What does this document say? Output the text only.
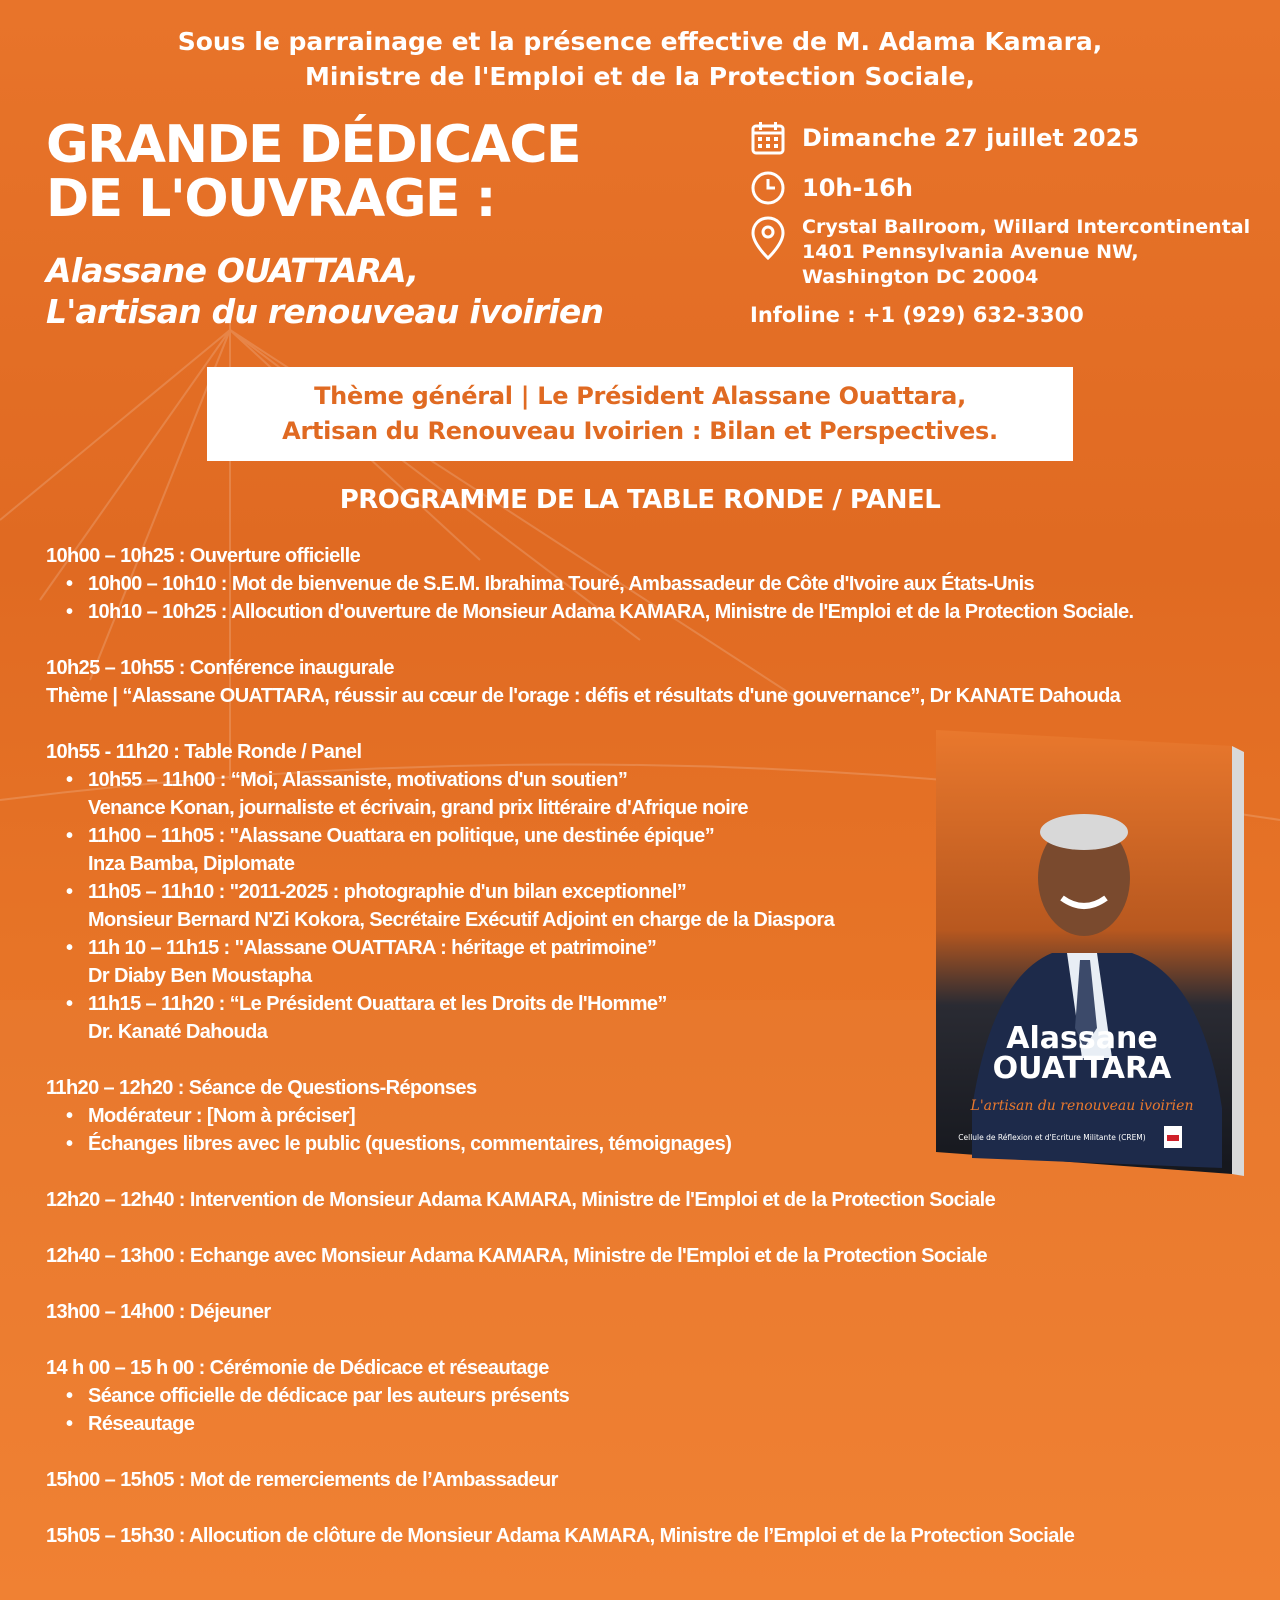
Sous le parrainage et la présence effective de M. Adama Kamara,
Ministre de l'Emploi et de la Protection Sociale,
GRANDE DÉDICACE
DE L'OUVRAGE :
Alassane OUATTARA,
L'artisan du renouveau ivoirien
Dimanche 27 juillet 2025
10h-16h
Crystal Ballroom, Willard Intercontinental
1401 Pennsylvania Avenue NW,
Washington DC 20004
Infoline : +1 (929) 632-3300
Thème général | Le Président Alassane Ouattara,
Artisan du Renouveau Ivoirien : Bilan et Perspectives.
PROGRAMME DE LA TABLE RONDE / PANEL
10h00 – 10h25 : Ouverture officielle
• 10h00 – 10h10 : Mot de bienvenue de S.E.M. Ibrahima Touré, Ambassadeur de Côte d'Ivoire aux États-Unis
• 10h10 – 10h25 : Allocution d'ouverture de Monsieur Adama KAMARA, Ministre de l'Emploi et de la Protection Sociale.
10h25 – 10h55 : Conférence inaugurale
Thème | “Alassane OUATTARA, réussir au cœur de l'orage : défis et résultats d'une gouvernance”, Dr KANATE Dahouda
10h55 - 11h20 : Table Ronde / Panel
• 10h55 – 11h00 : “Moi, Alassaniste, motivations d'un soutien”
Venance Konan, journaliste et écrivain, grand prix littéraire d'Afrique noire
• 11h00 – 11h05 : "Alassane Ouattara en politique, une destinée épique”
Inza Bamba, Diplomate
• 11h05 – 11h10 : "2011-2025 : photographie d'un bilan exceptionnel”
Monsieur Bernard N'Zi Kokora, Secrétaire Exécutif Adjoint en charge de la Diaspora
• 11h 10 – 11h15 : "Alassane OUATTARA : héritage et patrimoine”
Dr Diaby Ben Moustapha
• 11h15 – 11h20 : “Le Président Ouattara et les Droits de l'Homme”
Dr. Kanaté Dahouda
11h20 – 12h20 : Séance de Questions-Réponses
• Modérateur : [Nom à préciser]
• Échanges libres avec le public (questions, commentaires, témoignages)
12h20 – 12h40 : Intervention de Monsieur Adama KAMARA, Ministre de l'Emploi et de la Protection Sociale
12h40 – 13h00 : Echange avec Monsieur Adama KAMARA, Ministre de l'Emploi et de la Protection Sociale
13h00 – 14h00 : Déjeuner
14 h 00 – 15 h 00 : Cérémonie de Dédicace et réseautage
• Séance officielle de dédicace par les auteurs présents
• Réseautage
15h00 – 15h05 : Mot de remerciements de l’Ambassadeur
15h05 – 15h30 : Allocution de clôture de Monsieur Adama KAMARA, Ministre de l’Emploi et de la Protection Sociale
Alassane
OUATTARA
L'artisan du renouveau ivoirien
Cellule de Réflexion et d'Ecriture Militante (CREM)
